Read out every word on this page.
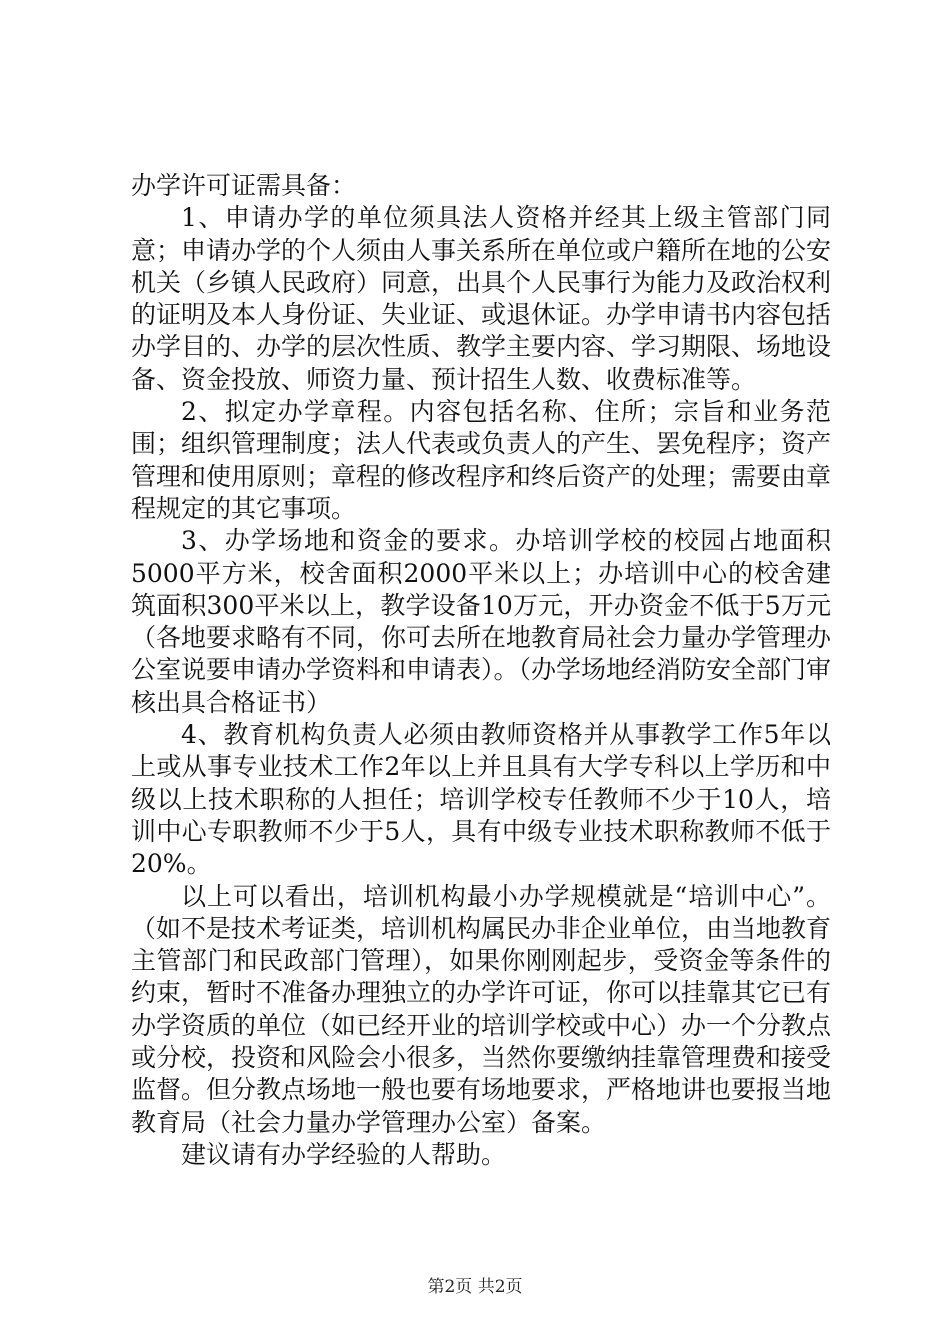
办学许可证需具备：

1、申请办学的单位须具法人资格并经其上级主管部门同意；申请办学的个人须由人事关系所在单位或户籍所在地的公安机关（乡镇人民政府）同意，出具个人民事行为能力及政治权利的证明及本人身份证、失业证、或退休证。办学申请书内容包括办学目的、办学的层次性质、教学主要内容、学习期限、场地设备、资金投放、师资力量、预计招生人数、收费标准等。

2、拟定办学章程。内容包括名称、住所；宗旨和业务范围；组织管理制度；法人代表或负责人的产生、罢免程序；资产管理和使用原则；章程的修改程序和终后资产的处理；需要由章程规定的其它事项。

3、办学场地和资金的要求。办培训学校的校园占地面积5000平方米，校舍面积2000平米以上；办培训中心的校舍建筑面积300平米以上，教学设备10万元，开办资金不低于5万元（各地要求略有不同，你可去所在地教育局社会力量办学管理办公室说要申请办学资料和申请表）。（办学场地经消防安全部门审核出具合格证书）

4、教育机构负责人必须由教师资格并从事教学工作5年以上或从事专业技术工作2年以上并且具有大学专科以上学历和中级以上技术职称的人担任；培训学校专任教师不少于10人，培训中心专职教师不少于5人，具有中级专业技术职称教师不低于20%。

以上可以看出，培训机构最小办学规模就是“培训中心”。（如不是技术考证类，培训机构属民办非企业单位，由当地教育主管部门和民政部门管理），如果你刚刚起步，受资金等条件的约束，暂时不准备办理独立的办学许可证，你可以挂靠其它已有办学资质的单位（如已经开业的培训学校或中心）办一个分教点或分校，投资和风险会小很多，当然你要缴纳挂靠管理费和接受监督。但分教点场地一般也要有场地要求，严格地讲也要报当地教育局（社会力量办学管理办公室）备案。

建议请有办学经验的人帮助。

第2页 共2页
